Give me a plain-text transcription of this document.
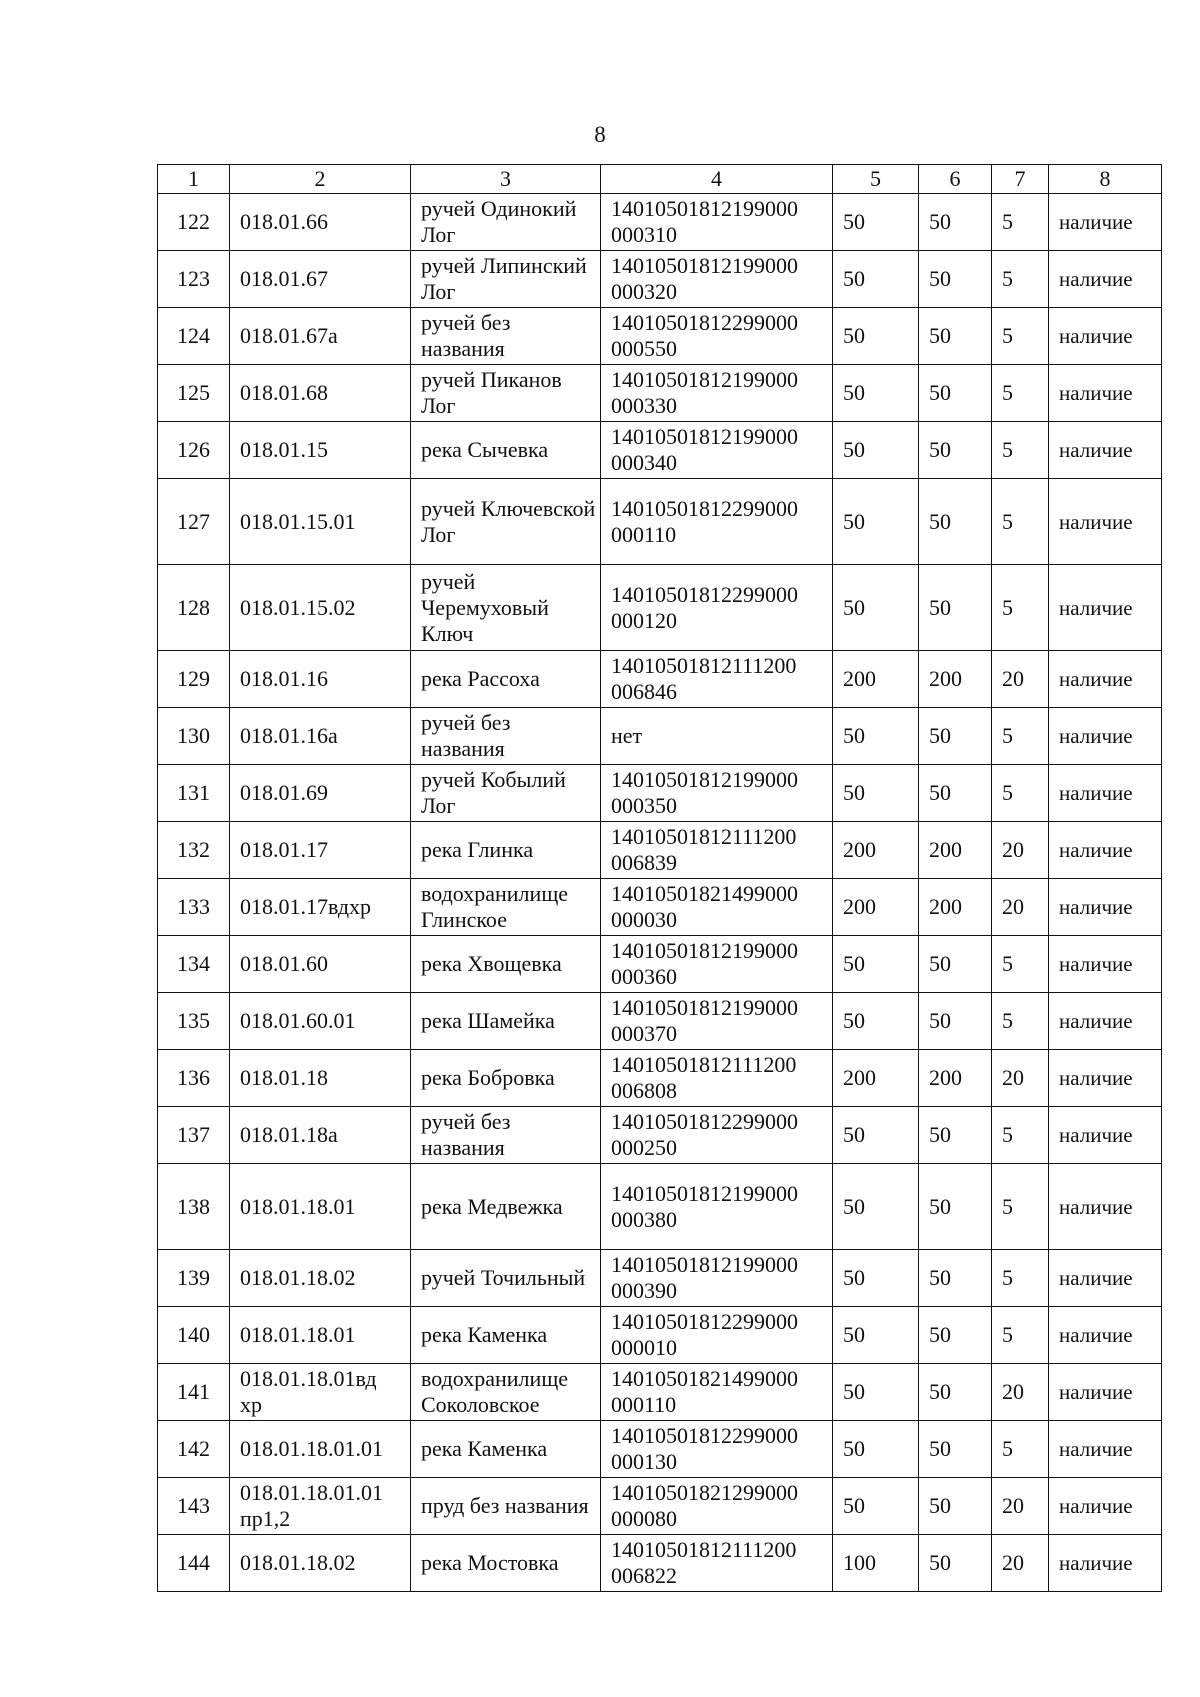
8
1	2	3	4	5	6	7	8
122	018.01.66	ручей Одинокий Лог	14010501812199000 000310	50	50	5	наличие
123	018.01.67	ручей Липинский Лог	14010501812199000 000320	50	50	5	наличие
124	018.01.67а	ручей без названия	14010501812299000 000550	50	50	5	наличие
125	018.01.68	ручей Пиканов Лог	14010501812199000 000330	50	50	5	наличие
126	018.01.15	река Сычевка	14010501812199000 000340	50	50	5	наличие
127	018.01.15.01	ручей Ключевской Лог	14010501812299000 000110	50	50	5	наличие
128	018.01.15.02	ручей Черемуховый Ключ	14010501812299000 000120	50	50	5	наличие
129	018.01.16	река Рассоха	14010501812111200 006846	200	200	20	наличие
130	018.01.16а	ручей без названия	нет	50	50	5	наличие
131	018.01.69	ручей Кобылий Лог	14010501812199000 000350	50	50	5	наличие
132	018.01.17	река Глинка	14010501812111200 006839	200	200	20	наличие
133	018.01.17вдхр	водохранилище Глинское	14010501821499000 000030	200	200	20	наличие
134	018.01.60	река Хвощевка	14010501812199000 000360	50	50	5	наличие
135	018.01.60.01	река Шамейка	14010501812199000 000370	50	50	5	наличие
136	018.01.18	река Бобровка	14010501812111200 006808	200	200	20	наличие
137	018.01.18а	ручей без названия	14010501812299000 000250	50	50	5	наличие
138	018.01.18.01	река Медвежка	14010501812199000 000380	50	50	5	наличие
139	018.01.18.02	ручей Точильный	14010501812199000 000390	50	50	5	наличие
140	018.01.18.01	река Каменка	14010501812299000 000010	50	50	5	наличие
141	018.01.18.01вд хр	водохранилище Соколовское	14010501821499000 000110	50	50	20	наличие
142	018.01.18.01.01	река Каменка	14010501812299000 000130	50	50	5	наличие
143	018.01.18.01.01 пр1,2	пруд без названия	14010501821299000 000080	50	50	20	наличие
144	018.01.18.02	река Мостовка	14010501812111200 006822	100	50	20	наличие
